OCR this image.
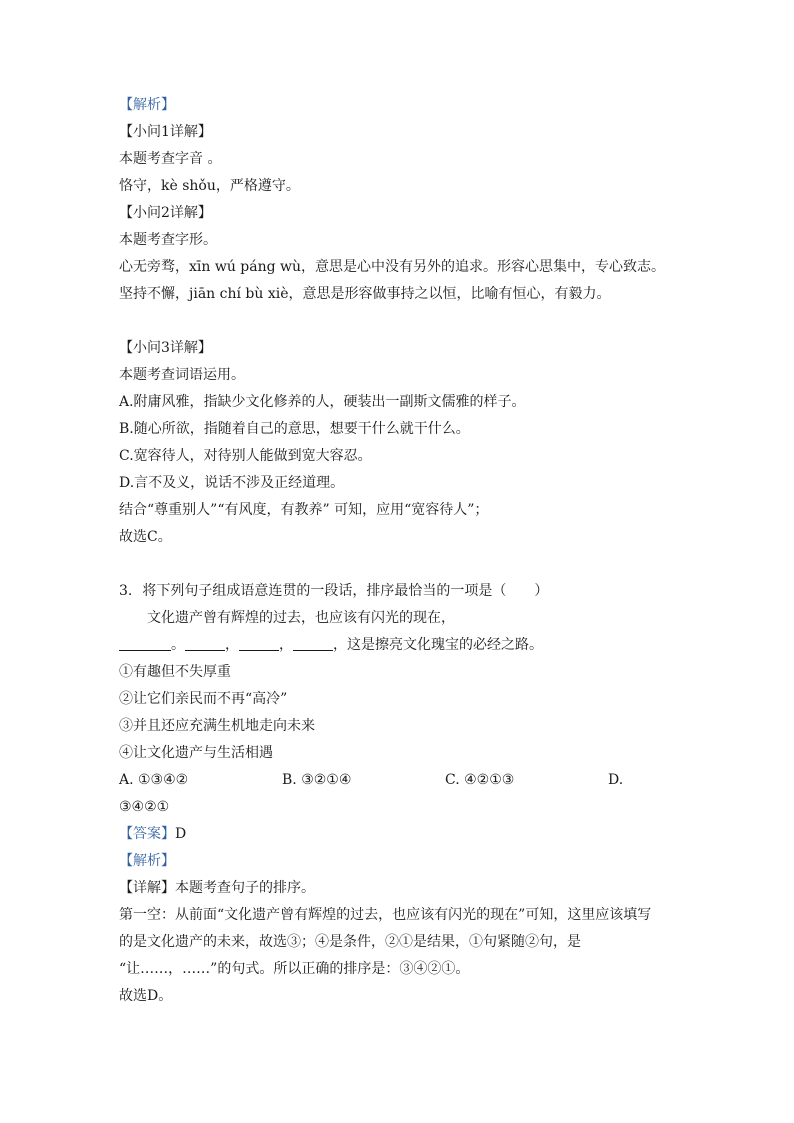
【解析】
【小问1详解】
本题考查字音 。
恪守，kè shǒu，严格遵守。
【小问2详解】
本题考查字形。
心无旁骛，xīn wú páng wù，意思是心中没有另外的追求。形容心思集中，专心致志。
坚持不懈，jiān chí bù xiè，意思是形容做事持之以恒，比喻有恒心，有毅力。
【小问3详解】
本题考查词语运用。
A.附庸风雅，指缺少文化修养的人，硬装出一副斯文儒雅的样子。
B.随心所欲，指随着自己的意思，想要干什么就干什么。
C.宽容待人，对待别人能做到宽大容忍。
D.言不及义，说话不涉及正经道理。
结合“尊重别人”“有风度，有教养” 可知，应用“宽容待人”；
故选C。
3. 将下列句子组成语意连贯的一段话，排序最恰当的一项是（　　）
文化遗产曾有辉煌的过去，也应该有闪光的现在，
。	，	，	，这是擦亮文化瑰宝的必经之路。
①有趣但不失厚重
②让它们亲民而不再“高冷”
③并且还应充满生机地走向未来
④让文化遗产与生活相遇
A. ①③④②	B. ③②①④	C. ④②①③	D.
③④②①
【答案】D
【解析】
【详解】本题考查句子的排序。
第一空：从前面“文化遗产曾有辉煌的过去，也应该有闪光的现在”可知，这里应该填写
的是文化遗产的未来，故选③；④是条件，②①是结果，①句紧随②句，是
“让……，……”的句式。所以正确的排序是：③④②①。
故选D。
